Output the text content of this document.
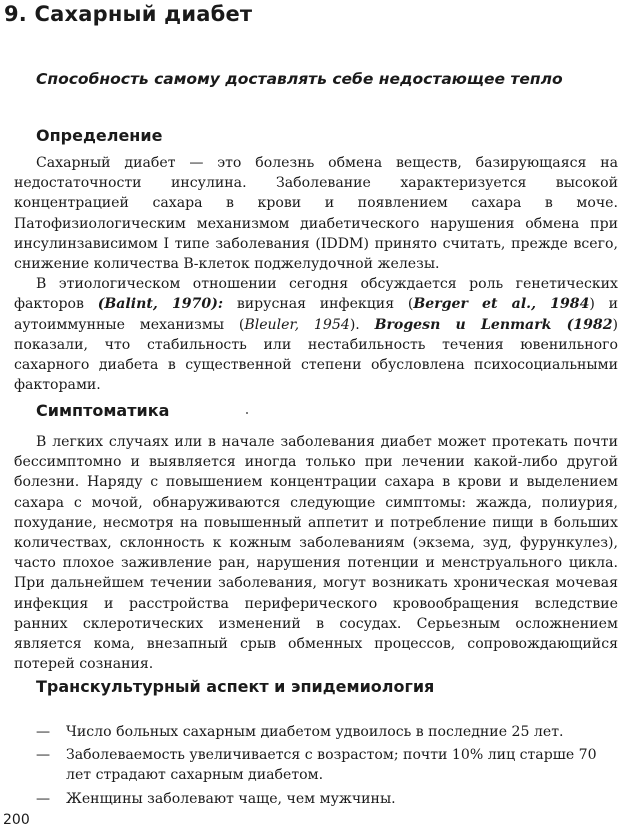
9. Сахарный диабет
Способность самому доставлять себе недостающее тепло
Определение

Сахарный диабет — это болезнь обмена веществ, базирующаяся на недостаточности инсулина. Заболевание характеризуется высокой концентрацией сахара в крови и появлением сахара в моче. Патофизиологическим механизмом диабетического нарушения обмена при инсулинзависимом I типе заболевания (IDDM) принято считать, прежде всего, снижение количества В-клеток поджелудочной железы.

В этиологическом отношении сегодня обсуждается роль генетических факторов (Balint, 1970): вирусная инфекция (Berger et al., 1984) и аутоиммунные механизмы (Bleuler, 1954). Brogesn и Lenmark (1982) показали, что стабильность или нестабильность течения ювенильного сахарного диабета в существенной степени обусловлена психосоциальными факторами.

Симптоматика

В легких случаях или в начале заболевания диабет может протекать почти бессимптомно и выявляется иногда только при лечении какой-либо другой болезни. Наряду с повышением концентрации сахара в крови и выделением сахара с мочой, обнаруживаются следующие симптомы: жажда, полиурия, похудание, несмотря на повышенный аппетит и потребление пищи в больших количествах, склонность к кожным заболеваниям (экзема, зуд, фурункулез), часто плохое заживление ран, нарушения потенции и менструального цикла. При дальнейшем течении заболевания, могут возникать хроническая мочевая инфекция и расстройства периферического кровообращения вследствие ранних склеротических изменений в сосудах. Серьезным осложнением является кома, внезапный срыв обменных процессов, сопровождающийся потерей сознания.

Транскультурный аспект и эпидемиология
— Число больных сахарным диабетом удвоилось в последние 25 лет.
— Заболеваемость увеличивается с возрастом; почти 10% лиц старше 70 лет страдают сахарным диабетом.
— Женщины заболевают чаще, чем мужчины.
200
